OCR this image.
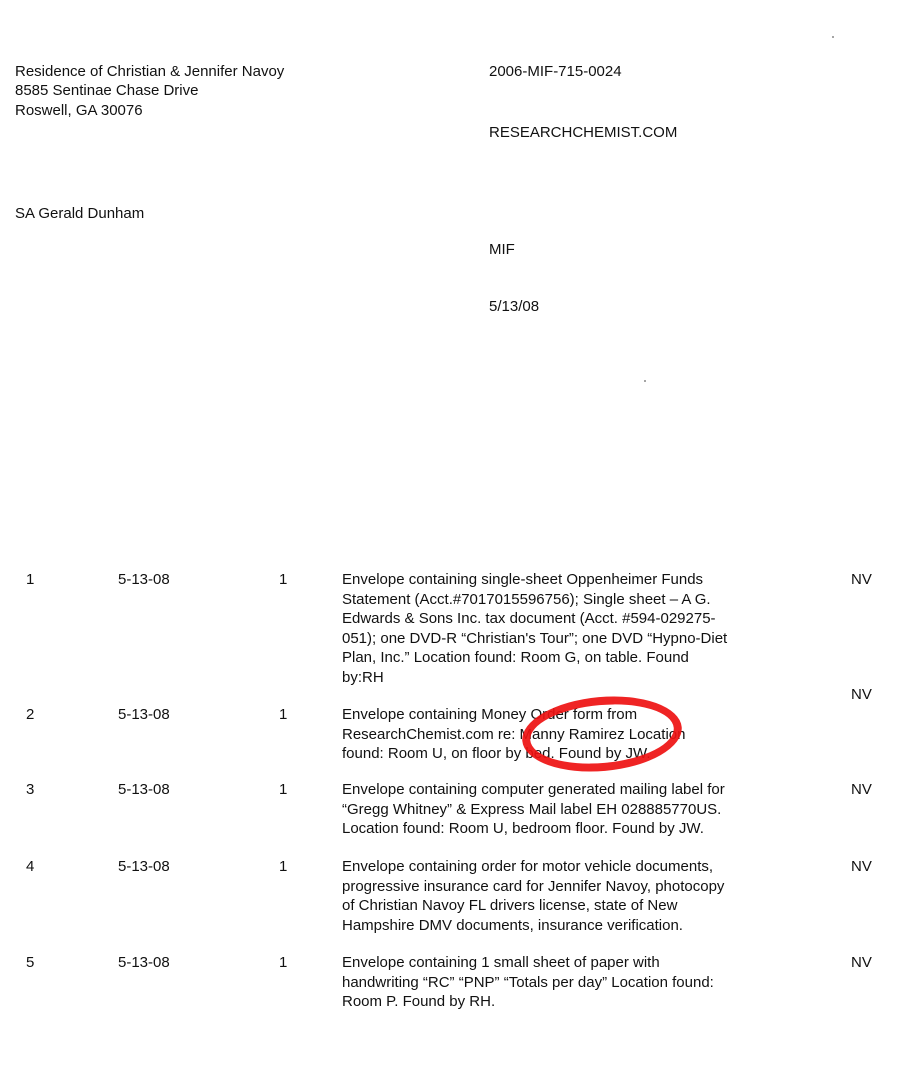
Residence of Christian & Jennifer Navoy

8585 Sentinae Chase Drive

Roswell, GA 30076

2006-MIF-715-0024

RESEARCHCHEMIST.COM

SA Gerald Dunham

MIF

5/13/08

1	5-13-08	1	Envelope containing single-sheet Oppenheimer Funds
Statement (Acct.#7017015596756); Single sheet – A G.
Edwards & Sons Inc. tax document (Acct. #594-029275-
051); one DVD-R “Christian's Tour”; one DVD “Hypno-Diet
Plan, Inc.” Location found: Room G, on table. Found
by:RH
NV
2	5-13-08	1	Envelope containing Money Order form from
ResearchChemist.com re: Manny Ramirez Location
found: Room U, on floor by bed. Found by JW.
NV
3	5-13-08	1	Envelope containing computer generated mailing label for
“Gregg Whitney” & Express Mail label EH 028885770US.
Location found: Room U, bedroom floor. Found by JW.
NV
4	5-13-08	1	Envelope containing order for motor vehicle documents,
progressive insurance card for Jennifer Navoy, photocopy
of Christian Navoy FL drivers license, state of New
Hampshire DMV documents, insurance verification.
NV
5	5-13-08	1	Envelope containing 1 small sheet of paper with
handwriting “RC” “PNP” “Totals per day” Location found:
Room P. Found by RH.
NV
